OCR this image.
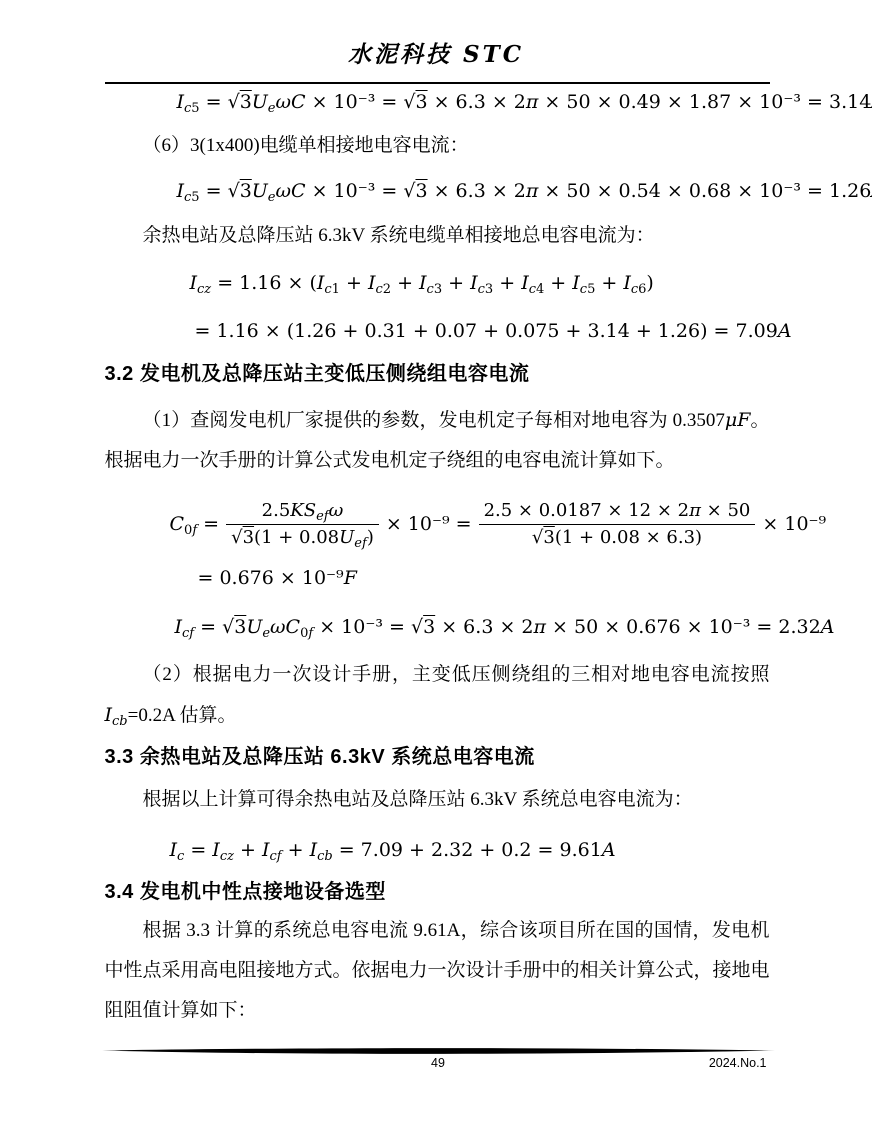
水泥科技 STC
$I_{c5} = √3U_e\omega C \times 10^{-3} = √3 \times 6.3 \times 2\pi \times 50 \times 0.49 \times 1.87 \times 10^{-3} = 3.14$

（6）3(1x400)电缆单相接地电容电流：

$I_{c5} = √3U_e\omega C \times 10^{-3} = √3 \times 6.3 \times 2\pi \times 50 \times 0.54 \times 0.68 \times 10^{-3} = 1.26$

余热电站及总降压站 6.3kV 系统电缆单相接地总电容电流为：

$I_{cz} = 1.16 \times (I_{c1} + I_{c2} + I_{c3} + I_{c3} + I_{c4} + I_{c5} + I_{c6})$
= 1.16 × (1.26 + 0.31 + 0.07 + 0.075 + 3.14 + 1.26) = 7.09A
3.2 发电机及总降压站主变低压侧绕组电容电流

（1）查阅发电机厂家提供的参数，发电机定子每相对地电容为 0.3507μF。根据电力一次手册的计算公式发电机定子绕组的电容电流计算如下。

$C_{0f} = \frac{2.5KS_{ef}\omega}{√3(1 + 0.08U_{ef})} \times 10^{-9} = \frac{2.5 \times 0.0187 \times 12 \times 2\pi \times 50}{√3(1 + 0.08 \times 6.3)} \times 10^{-9}$
= 0.676 × 10⁻⁹F
$I_{cf} = √3U_e\omega C_{0f} \times 10^{-3} = √3 \times 6.3 \times 2\pi \times 50 \times 0.676 \times 10^{-3} = 2.32A$

（2）根据电力一次设计手册，主变低压侧绕组的三相对地电容电流按照$I_{cb}=0.2A$ 估算。

3.3 余热电站及总降压站 6.3kV 系统总电容电流

根据以上计算可得余热电站及总降压站 6.3kV 系统总电容电流为：

$I_c = I_{cz} + I_{cf} + I_{cb} = 7.09 + 2.32 + 0.2 = 9.61A$
3.4 发电机中性点接地设备选型

根据 3.3 计算的系统总电容电流 9.61A，综合该项目所在国的国情，发电机中性点采用高电阻接地方式。依据电力一次设计手册中的相关计算公式，接地电阻阻值计算如下：

49	2024.No.1
